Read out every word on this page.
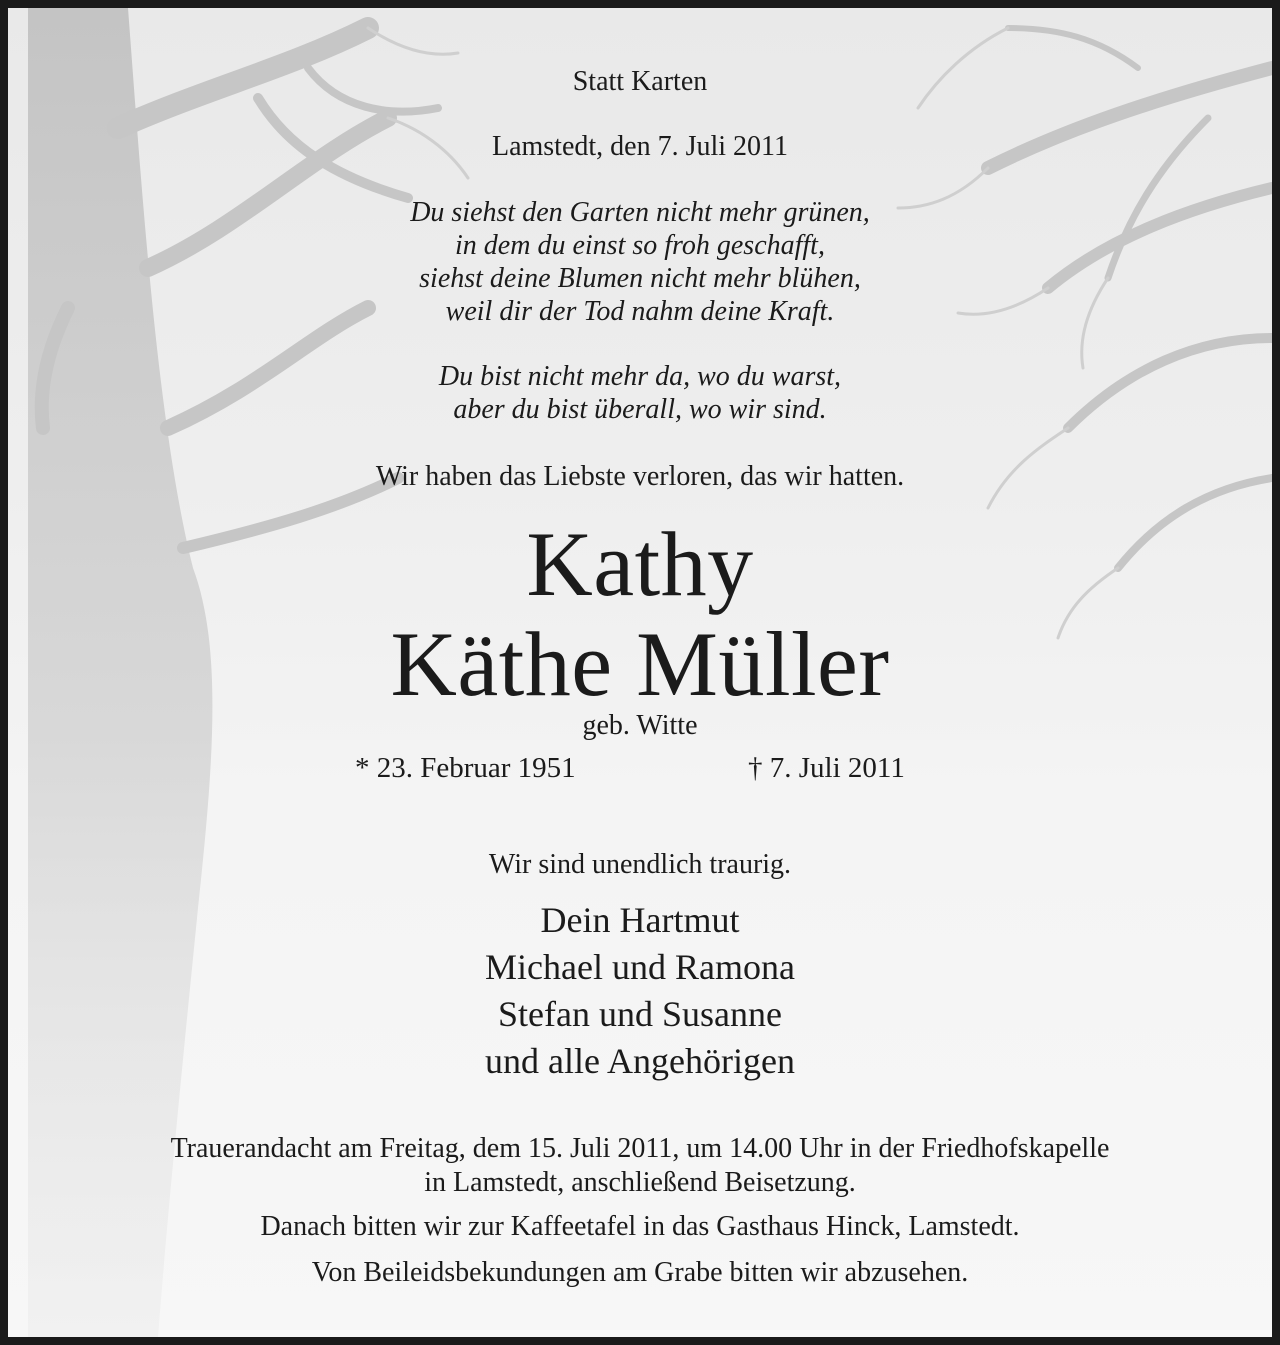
Statt Karten

Lamstedt, den 7. Juli 2011

Du siehst den Garten nicht mehr grünen,
in dem du einst so froh geschafft,
siehst deine Blumen nicht mehr blühen,
weil dir der Tod nahm deine Kraft.
Du bist nicht mehr da, wo du warst,
aber du bist überall, wo wir sind.

Wir haben das Liebste verloren, das wir hatten.

Kathy
Käthe Müller

geb. Witte

* 23. Februar 1951	† 7. Juli 2011

Wir sind unendlich traurig.

Dein Hartmut
Michael und Ramona
Stefan und Susanne
und alle Angehörigen
Trauerandacht am Freitag, dem 15. Juli 2011, um 14.00 Uhr in der Friedhofskapelle
in Lamstedt, anschließend Beisetzung.

Danach bitten wir zur Kaffeetafel in das Gasthaus Hinck, Lamstedt.

Von Beileidsbekundungen am Grabe bitten wir abzusehen.
